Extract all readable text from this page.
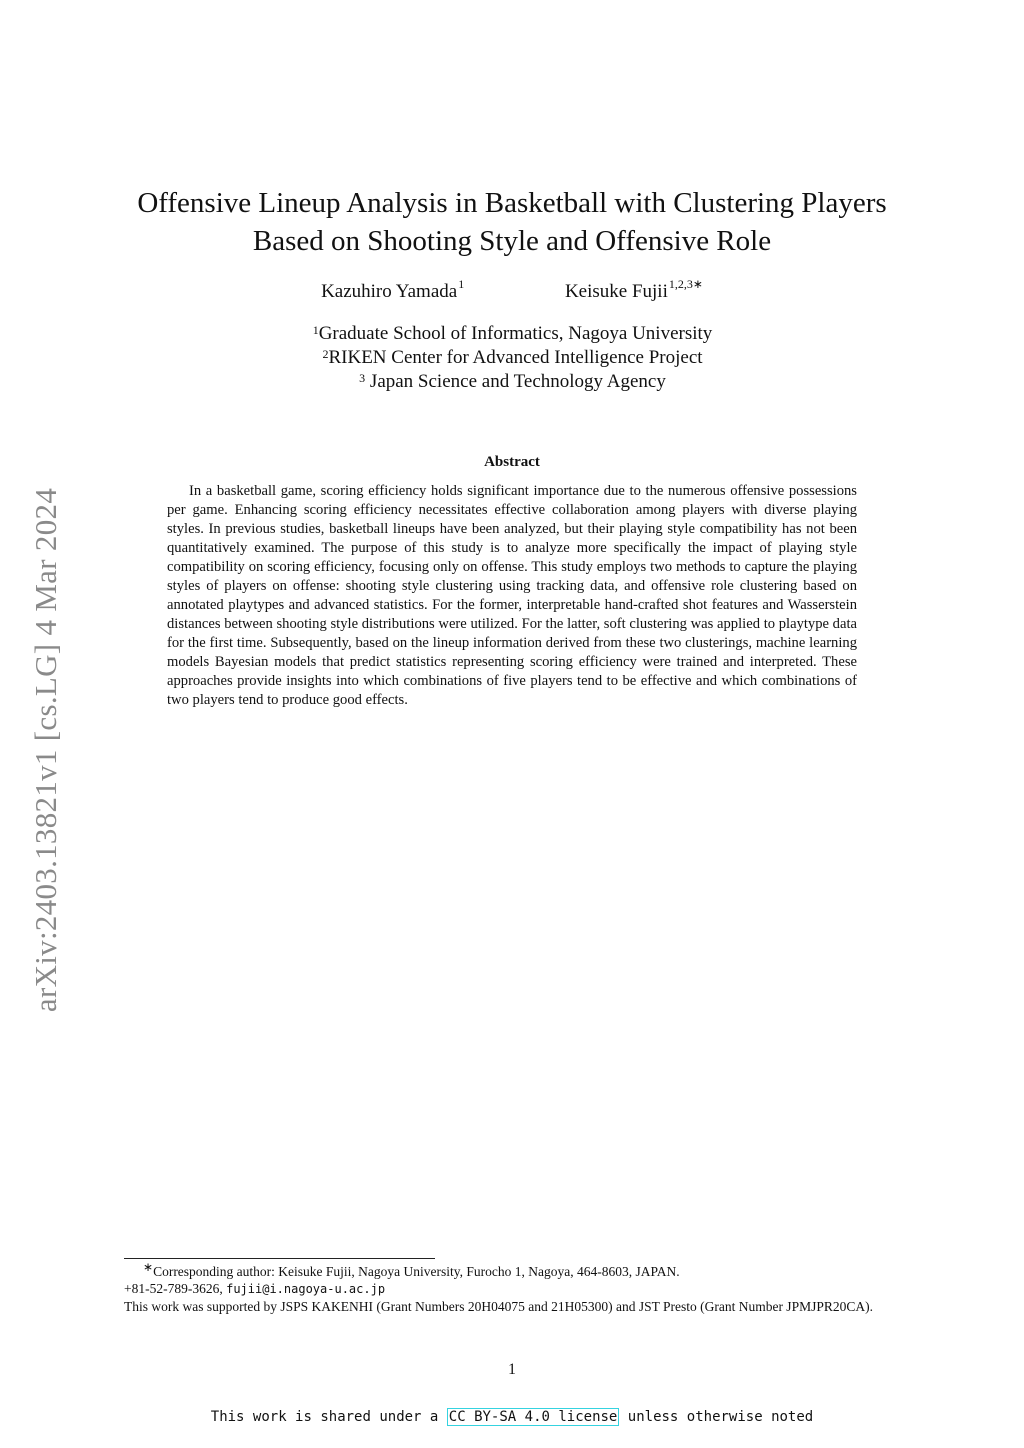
arXiv:2403.13821v1 [cs.LG] 4 Mar 2024
Offensive Lineup Analysis in Basketball with Clustering Players
Based on Shooting Style and Offensive Role
Kazuhiro Yamada$^1$	Keisuke Fujii$^{1,2,3∗}$
$^1$Graduate School of Informatics, Nagoya University
$^2$RIKEN Center for Advanced Intelligence Project
$^3$ Japan Science and Technology Agency
Abstract

In a basketball game, scoring efficiency holds significant importance due to the numerous offensive possessions per game. Enhancing scoring efficiency necessitates effective collaboration among players with diverse playing styles. In previous studies, basketball lineups have been analyzed, but their playing style compatibility has not been quantitatively examined. The purpose of this study is to analyze more specifically the impact of playing style compatibility on scoring efficiency, focusing only on offense. This study employs two methods to capture the playing styles of players on offense: shooting style clustering using tracking data, and offensive role clustering based on annotated playtypes and advanced statistics. For the former, interpretable hand-crafted shot features and Wasserstein distances between shooting style distributions were utilized. For the latter, soft clustering was applied to playtype data for the first time. Subsequently, based on the lineup information derived from these two clusterings, machine learning models Bayesian models that predict statistics representing scoring efficiency were trained and interpreted. These approaches provide insights into which combinations of five players tend to be effective and which combinations of two players tend to produce good effects.

∗Corresponding author: Keisuke Fujii, Nagoya University, Furocho 1, Nagoya, 464-8603, JAPAN.

+81-52-789-3626, fujii@i.nagoya-u.ac.jp

This work was supported by JSPS KAKENHI (Grant Numbers 20H04075 and 21H05300) and JST Presto (Grant Number JPMJPR20CA).

1
This work is shared under a CC BY-SA 4.0 license unless otherwise noted
